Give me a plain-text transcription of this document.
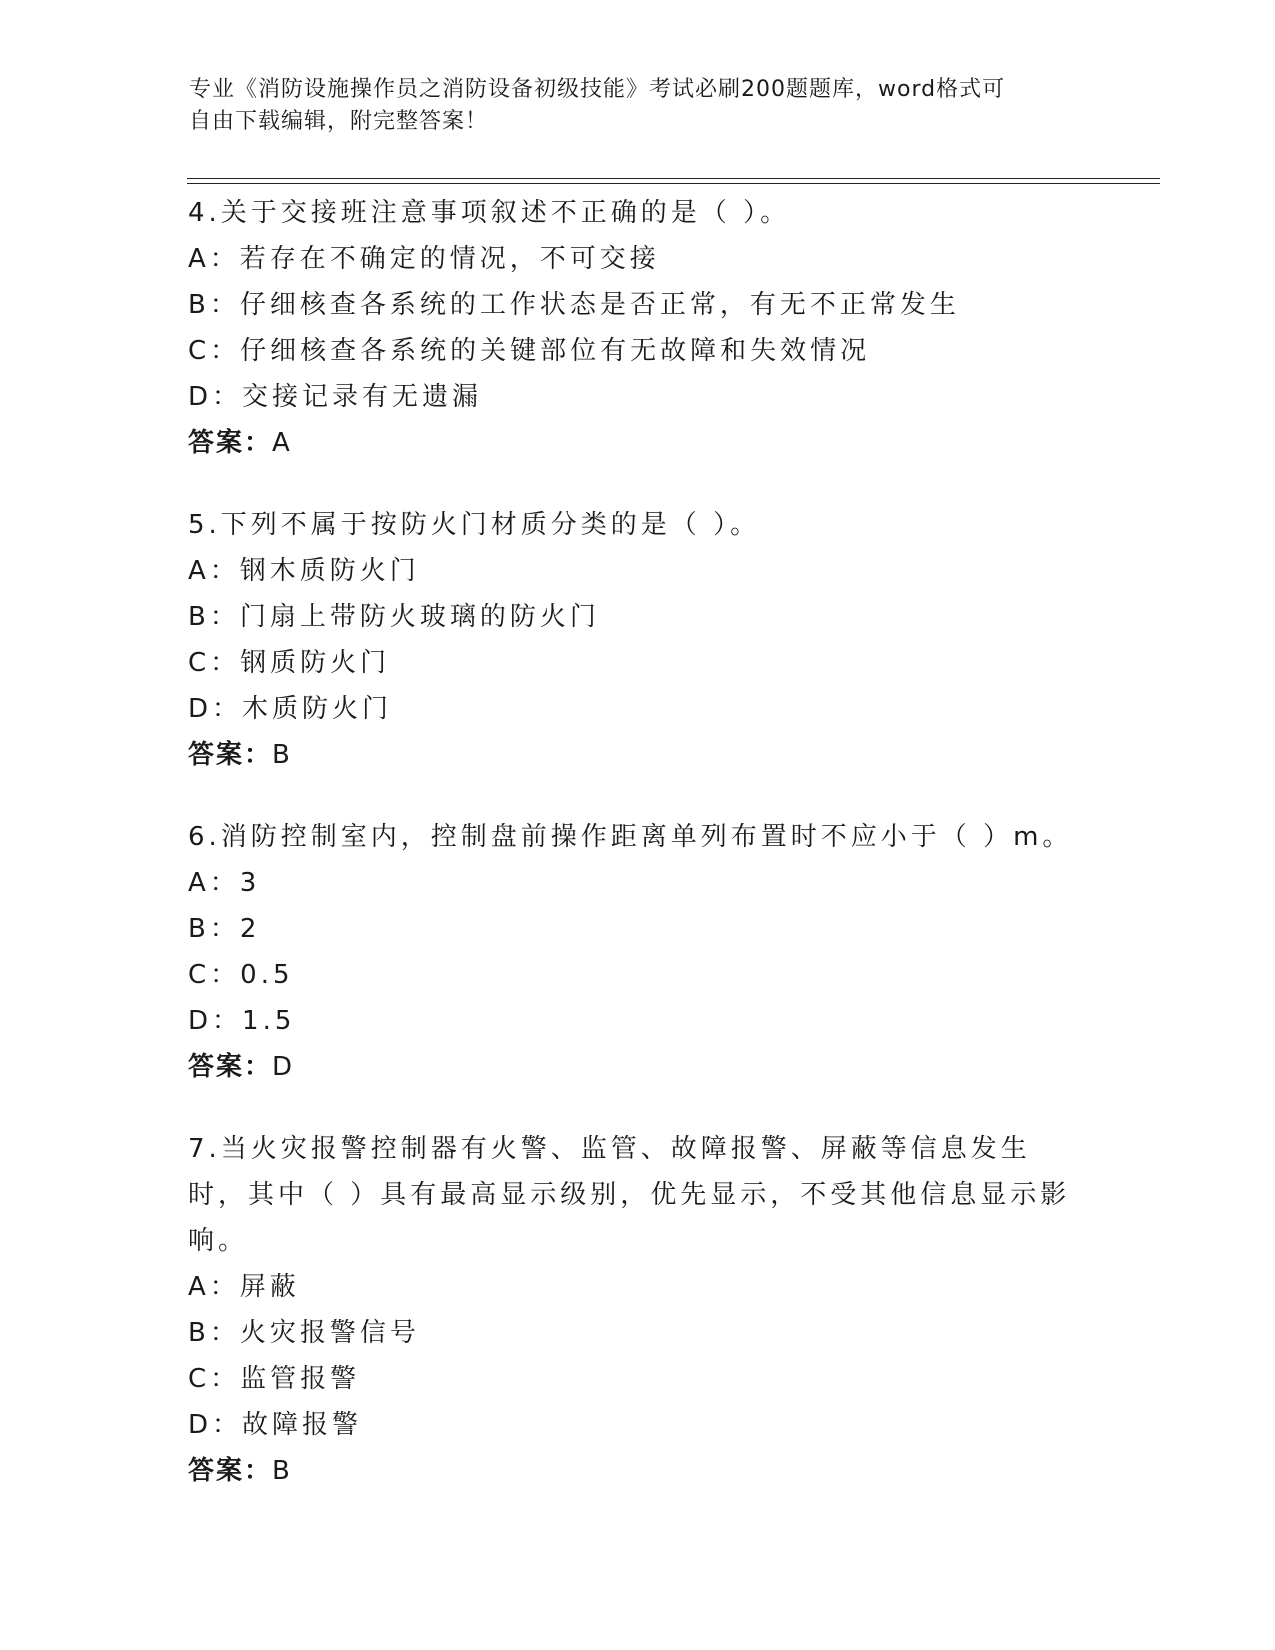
专业《消防设施操作员之消防设备初级技能》考试必刷200题题库，word格式可
自由下载编辑，附完整答案！

4.关于交接班注意事项叙述不正确的是（ ）。

A：若存在不确定的情况，不可交接

B：仔细核查各系统的工作状态是否正常，有无不正常发生

C：仔细核查各系统的关键部位有无故障和失效情况

D：交接记录有无遗漏

答案：A

5.下列不属于按防火门材质分类的是（ ）。

A：钢木质防火门

B：门扇上带防火玻璃的防火门

C：钢质防火门

D：木质防火门

答案：B

6.消防控制室内，控制盘前操作距离单列布置时不应小于（ ）m。

A：3

B：2

C：0.5

D：1.5

答案：D

7.当火灾报警控制器有火警、监管、故障报警、屏蔽等信息发生时，其中（ ）具有最高显示级别，优先显示，不受其他信息显示影响。

A：屏蔽

B：火灾报警信号

C：监管报警

D：故障报警

答案：B
